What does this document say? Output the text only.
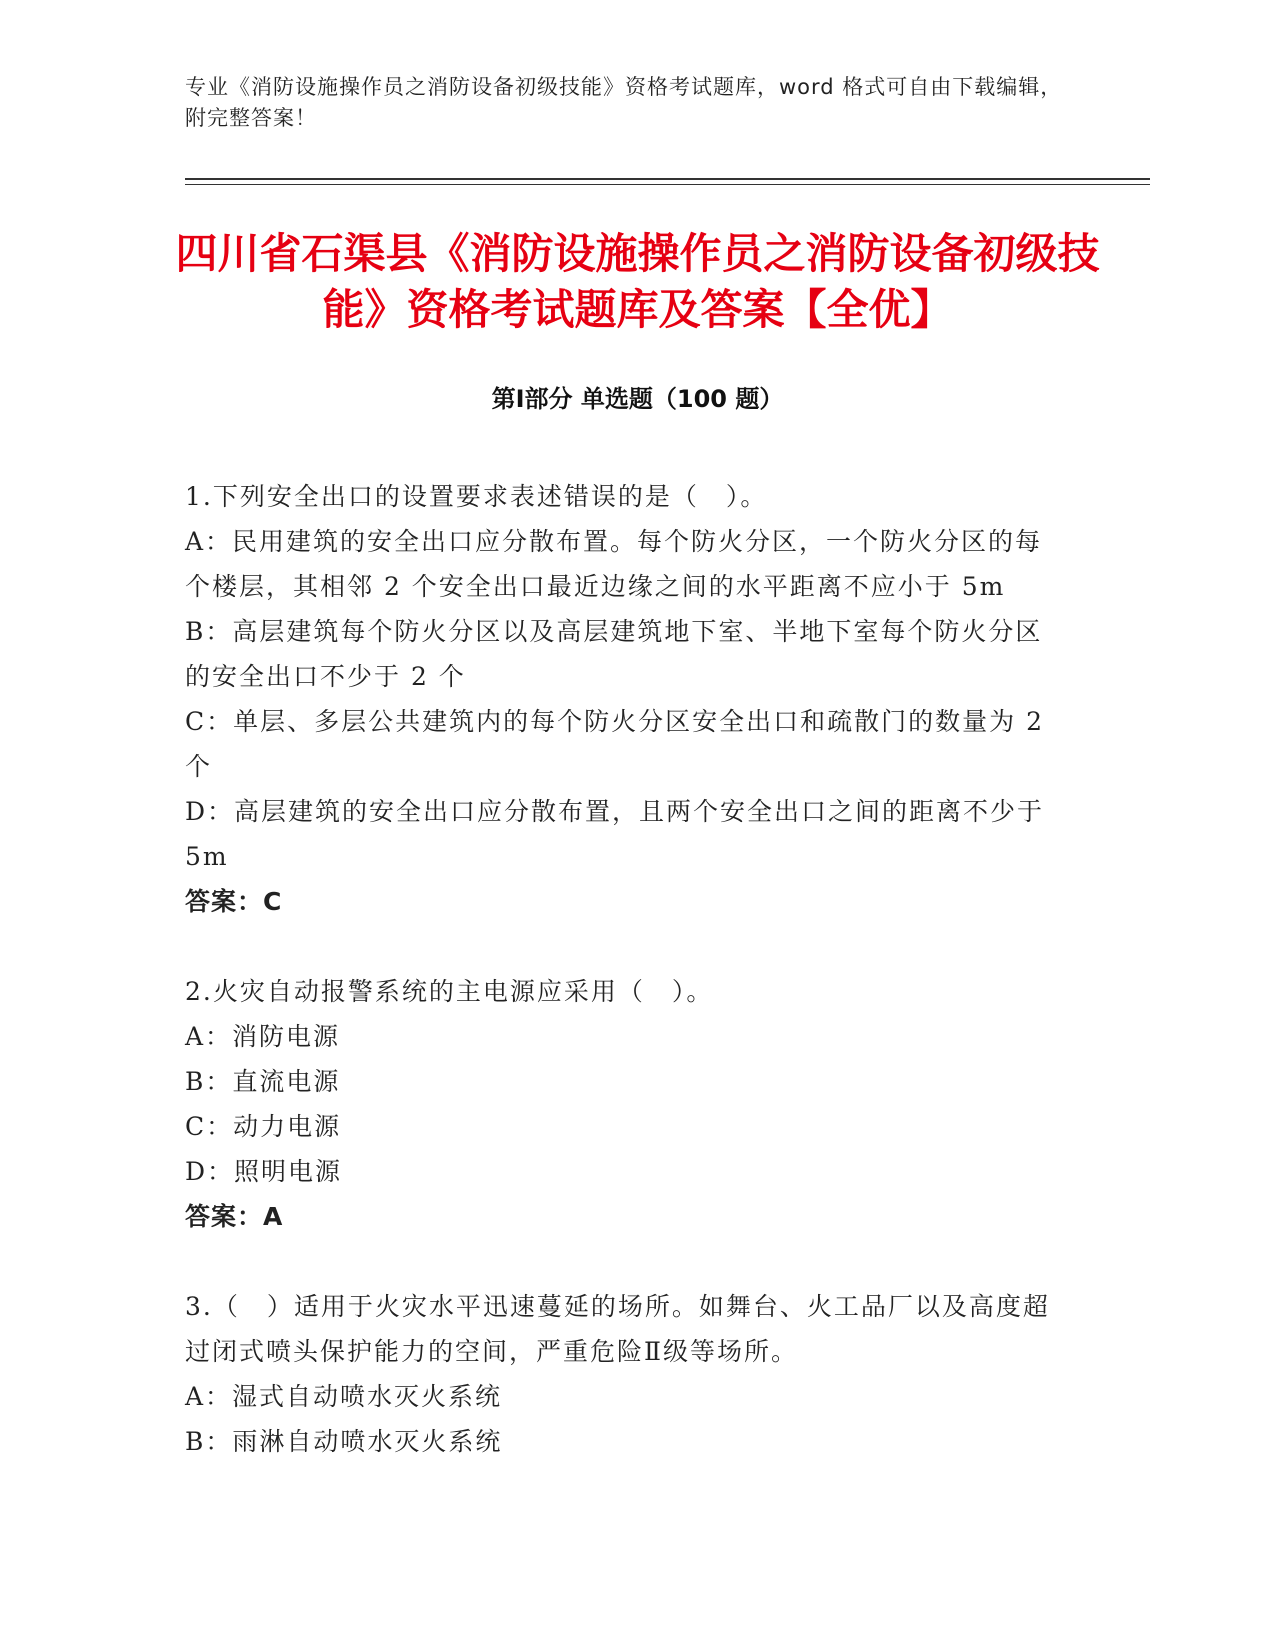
专业《消防设施操作员之消防设备初级技能》资格考试题库，word 格式可自由下载编辑，附完整答案！
四川省石渠县《消防设施操作员之消防设备初级技能》资格考试题库及答案【全优】
第Ⅰ部分 单选题（100 题）

1.下列安全出口的设置要求表述错误的是（　）。

A：民用建筑的安全出口应分散布置。每个防火分区，一个防火分区的每个楼层，其相邻 2 个安全出口最近边缘之间的水平距离不应小于 5m

B：高层建筑每个防火分区以及高层建筑地下室、半地下室每个防火分区的安全出口不少于 2 个

C：单层、多层公共建筑内的每个防火分区安全出口和疏散门的数量为 2 个

D：高层建筑的安全出口应分散布置，且两个安全出口之间的距离不少于 5m

答案：C

2.火灾自动报警系统的主电源应采用（　）。

A：消防电源

B：直流电源

C：动力电源

D：照明电源

答案：A

3.（　）适用于火灾水平迅速蔓延的场所。如舞台、火工品厂以及高度超过闭式喷头保护能力的空间，严重危险Ⅱ级等场所。

A：湿式自动喷水灭火系统

B：雨淋自动喷水灭火系统
